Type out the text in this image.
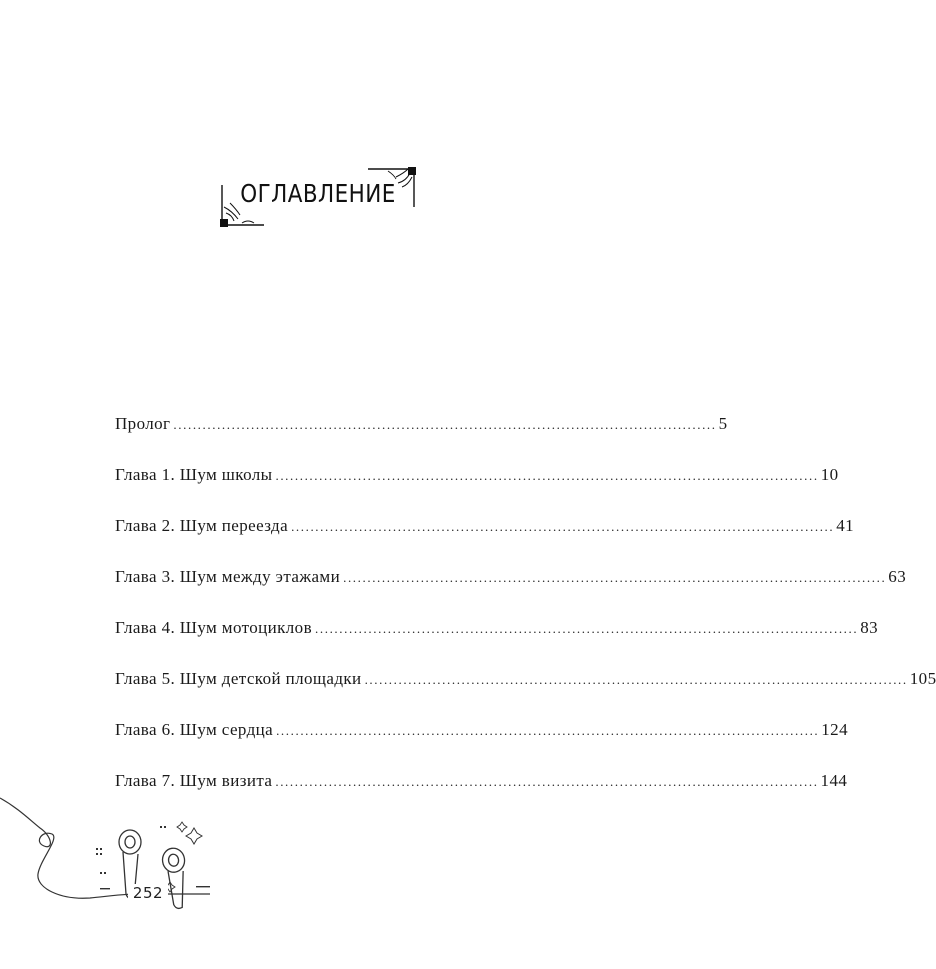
ОГЛАВЛЕНИЕ
Пролог ................................................................................................................ 5
Глава 1. Шум школы ................................................................................................................ 10
Глава 2. Шум переезда ................................................................................................................ 41
Глава 3. Шум между этажами ................................................................................................................ 63
Глава 4. Шум мотоциклов ................................................................................................................ 83
Глава 5. Шум детской площадки ................................................................................................................ 105
Глава 6. Шум сердца ................................................................................................................ 124
Глава 7. Шум визита ................................................................................................................ 144
252
